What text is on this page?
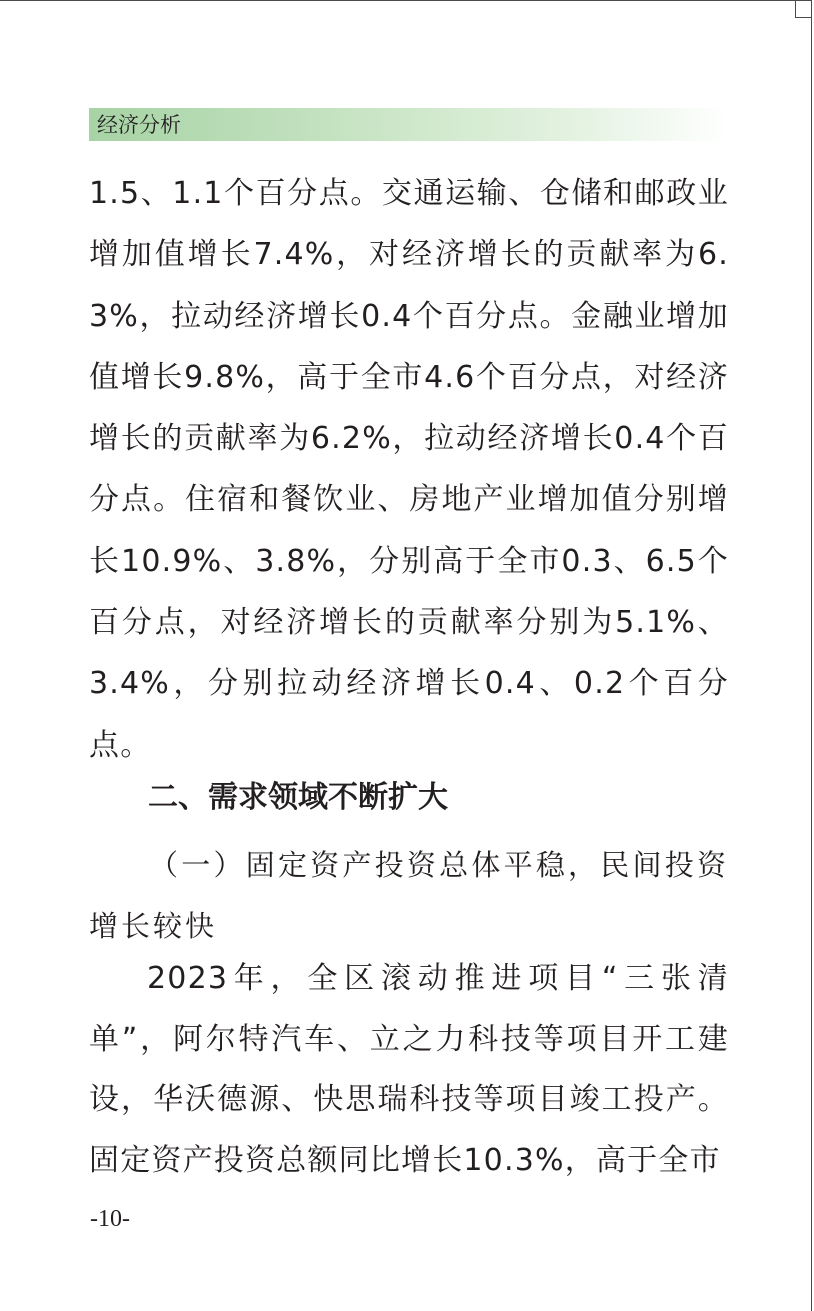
经济分析

1.5、1.1个百分点。交通运输、仓储和邮政业增加值增长7.4%，对经济增长的贡献率为6.3%，拉动经济增长0.4个百分点。金融业增加值增长9.8%，高于全市4.6个百分点，对经济增长的贡献率为6.2%，拉动经济增长0.4个百分点。住宿和餐饮业、房地产业增加值分别增长10.9%、3.8%，分别高于全市0.3、6.5个百分点，对经济增长的贡献率分别为5.1%、3.4%，分别拉动经济增长0.4、0.2个百分点。

二、需求领域不断扩大

（一）固定资产投资总体平稳，民间投资增长较快

2023年，全区滚动推进项目“三张清单”，阿尔特汽车、立之力科技等项目开工建设，华沃德源、快思瑞科技等项目竣工投产。固定资产投资总额同比增长10.3%，高于全市

-10-
